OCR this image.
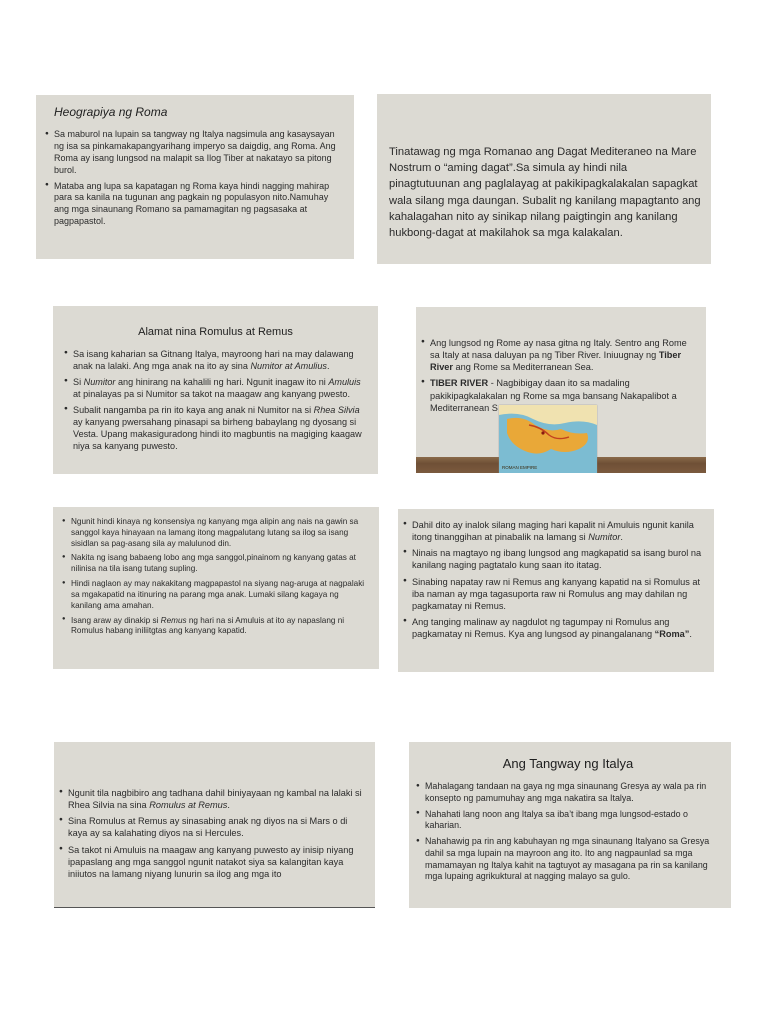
Heograpiya ng Roma
● Sa maburol na lupain sa tangway ng Italya nagsimula ang kasaysayan ng isa sa pinkamakapangyarihang imperyo sa daigdig, ang Roma. Ang Roma ay isang lungsod na malapit sa Ilog Tiber at nakatayo sa pitong burol.
● Mataba ang lupa sa kapatagan ng Roma kaya hindi nagging mahirap para sa kanila na tugunan ang pagkain ng populasyon nito.Namuhay ang mga sinaunang Romano sa pamamagitan ng pagsasaka at pagpapastol.

Tinatawag ng mga Romanao ang Dagat Mediteraneo na Mare Nostrum o “aming dagat”.Sa simula ay hindi nila pinagtutuunan ang paglalayag at pakikipagkalakalan sapagkat wala silang mga daungan. Subalit ng kanilang mapagtanto ang kahalagahan nito ay sinikap nilang paigtingin ang kanilang hukbong-dagat at makilahok sa mga kalakalan.

Alamat nina Romulus at Remus
● Sa isang kaharian sa Gitnang Italya, mayroong hari na may dalawang anak na lalaki. Ang mga anak na ito ay sina Numitor at Amulius.
● Si Numitor ang hinirang na kahalili ng hari. Ngunit inagaw ito ni Amuluis at pinalayas pa si Numitor sa takot na maagaw ang kanyang pwesto.
● Subalit nangamba pa rin ito kaya ang anak ni Numitor na si Rhea Silvia ay kanyang pwersahang pinasapi sa birheng babaylang ng dyosang si Vesta. Upang makasiguradong hindi ito magbuntis na magiging kaagaw niya sa kanyang puwesto.
● Ang lungsod ng Rome ay nasa gitna ng Italy. Sentro ang Rome sa Italy at nasa daluyan pa ng Tiber River. Iniuugnay ng Tiber River ang Rome sa Mediterranean Sea.
● TIBER RIVER - Nagbibigay daan ito sa madaling pakikipagkalakalan ng Rome sa mga bansang Nakapalibot a Mediterranean S
ROMAN EMPIRE
● Ngunit hindi kinaya ng konsensiya ng kanyang mga alipin ang nais na gawin sa sanggol kaya hinayaan na lamang itong magpalutang lutang sa ilog sa isang sisidlan sa pag-asang sila ay malulunod din.
● Nakita ng isang babaeng lobo ang mga sanggol,pinainom ng kanyang gatas at nilinisa na tila isang tutang supling.
● Hindi naglaon ay may nakakitang magpapastol na siyang nag-aruga at nagpalaki sa mgakapatid na itinuring na parang mga anak. Lumaki silang kagaya ng kanilang ama amahan.
● Isang araw ay dinakip si Remus ng hari na si Amuluis at ito ay napaslang ni Romulus habang iniliitgtas ang kanyang kapatid.
● Dahil dito ay inalok silang maging hari kapalit ni Amuluis ngunit kanila itong tinanggihan at pinabalik na lamang si Numitor.
● Ninais na magtayo ng ibang lungsod ang magkapatid sa isang burol na kanilang naging pagtatalo kung saan ito itatag.
● Sinabing napatay raw ni Remus ang kanyang kapatid na si Romulus at iba naman ay mga tagasuporta raw ni Romulus ang may dahilan ng pagkamatay ni Remus.
● Ang tanging malinaw ay nagdulot ng tagumpay ni Romulus ang pagkamatay ni Remus. Kya ang lungsod ay pinangalanang “Roma”.
● Ngunit tila nagbibiro ang tadhana dahil biniyayaan ng kambal na lalaki si Rhea Silvia na sina Romulus at Remus.
● Sina Romulus at Remus ay sinasabing anak ng diyos na si Mars o di kaya ay sa kalahating diyos na si Hercules.
● Sa takot ni Amuluis na maagaw ang kanyang puwesto ay inisip niyang ipapaslang ang mga sanggol ngunit natakot siya sa kalangitan kaya iniiutos na lamang niyang lunurin sa ilog ang mga ito
Ang Tangway ng Italya
● Mahalagang tandaan na gaya ng mga sinaunang Gresya ay wala pa rin konsepto ng pamumuhay ang mga nakatira sa Italya.
● Nahahati lang noon ang Italya sa iba’t ibang mga lungsod-estado o kaharian.
● Nahahawig pa rin ang kabuhayan ng mga sinaunang Italyano sa Gresya dahil sa mga lupain na mayroon ang ito. Ito ang nagpaunlad sa mga mamamayan ng Italya kahit na tagtuyot ay masagana pa rin sa kanilang mga lupaing agrikuktural at nagging malayo sa gulo.
